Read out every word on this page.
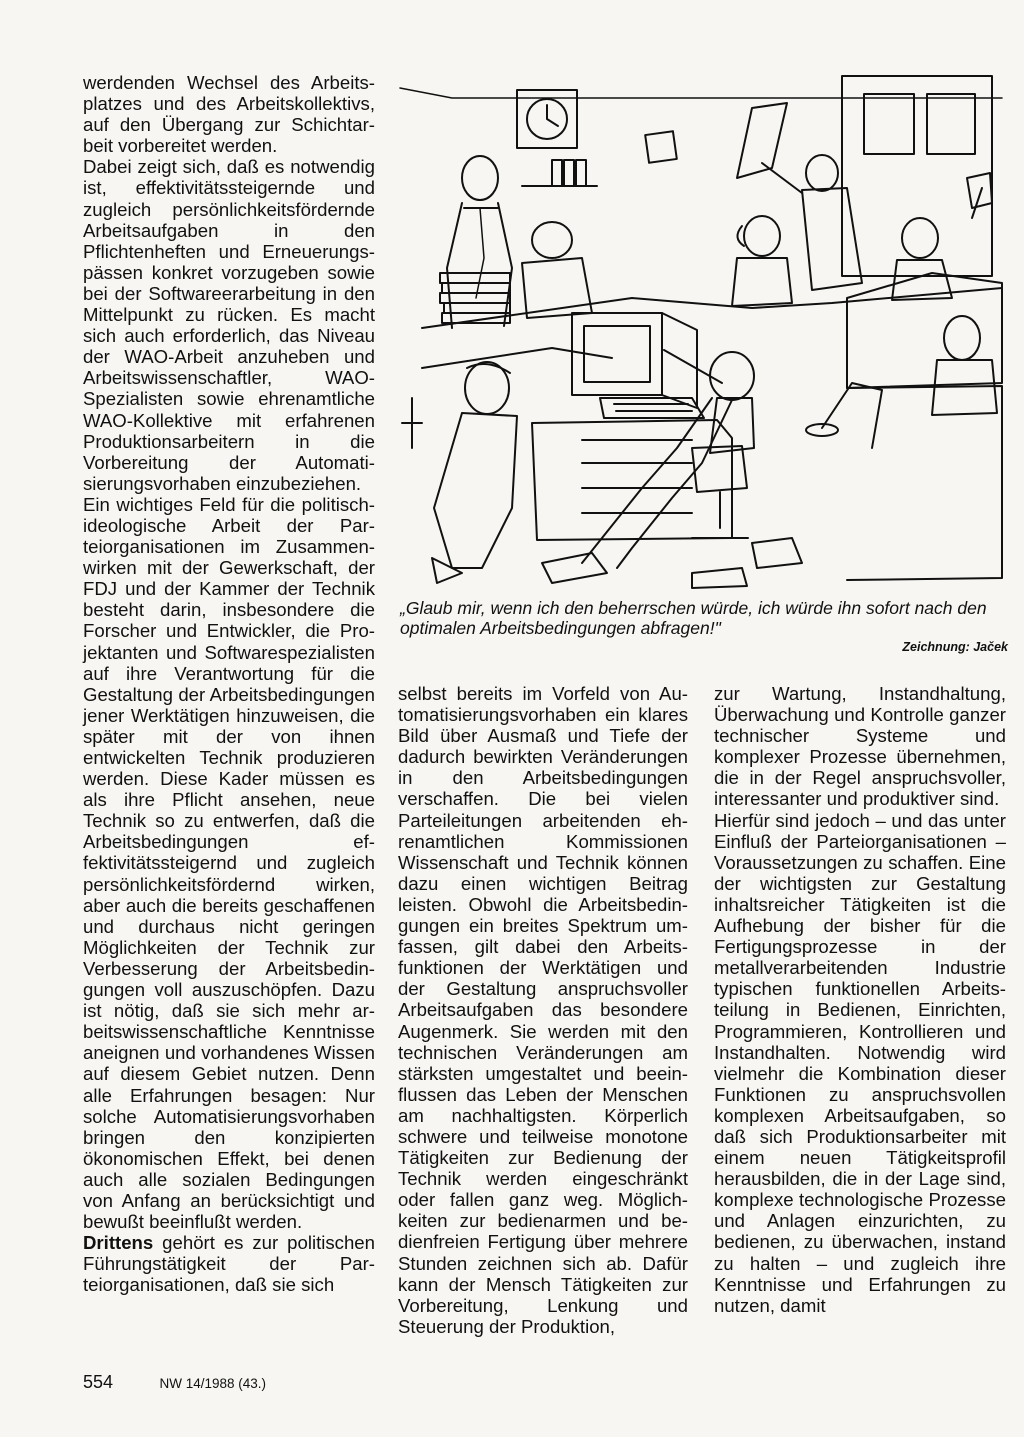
werdenden Wechsel des Arbeitsplatzes und des Arbeitskollektivs, auf den Übergang zur Schichtarbeit vorbereitet werden.

Dabei zeigt sich, daß es notwendig ist, effektivitätssteigernde und zugleich persönlichkeitsfördernde Arbeitsaufgaben in den Pflichtenheften und Erneuerungspässen konkret vorzugeben sowie bei der Softwareerarbeitung in den Mittelpunkt zu rücken. Es macht sich auch erforderlich, das Niveau der WAO-Arbeit anzuheben und Arbeitswissenschaftler, WAO-Spezialisten sowie ehrenamtliche WAO-Kollektive mit erfahrenen Produktionsarbeitern in die Vorbereitung der Automatisierungsvorhaben einzubeziehen.

Ein wichtiges Feld für die politisch-ideologische Arbeit der Parteiorganisationen im Zusammenwirken mit der Gewerkschaft, der FDJ und der Kammer der Technik besteht darin, insbesondere die Forscher und Entwickler, die Projektanten und Softwarespezialisten auf ihre Verantwortung für die Gestaltung der Arbeitsbedingungen jener Werktätigen hinzuweisen, die später mit der von ihnen entwickelten Technik produzieren werden. Diese Kader müssen es als ihre Pflicht ansehen, neue Technik so zu entwerfen, daß die Arbeitsbedingungen effektivitätssteigernd und zugleich persönlichkeitsfördernd wirken, aber auch die bereits geschaffenen und durchaus nicht geringen Möglichkeiten der Technik zur Verbesserung der Arbeitsbedingungen voll auszuschöpfen. Dazu ist nötig, daß sie sich mehr arbeitswissenschaftliche Kenntnisse aneignen und vorhandenes Wissen auf diesem Gebiet nutzen. Denn alle Erfahrungen besagen: Nur solche Automatisierungsvorhaben bringen den konzipierten ökonomischen Effekt, bei denen auch alle sozialen Bedingungen von Anfang an berücksichtigt und bewußt beeinflußt werden.

Drittens gehört es zur politischen Führungstätigkeit der Parteiorganisationen, daß sie sich

„Glaub mir, wenn ich den beherrschen würde, ich würde ihn sofort nach den optimalen Arbeitsbedingungen abfragen!"
Zeichnung: Jaček

selbst bereits im Vorfeld von Automatisierungsvorhaben ein klares Bild über Ausmaß und Tiefe der dadurch bewirkten Veränderungen in den Arbeitsbedingungen verschaffen. Die bei vielen Parteileitungen arbeitenden ehrenamtlichen Kommissionen Wissenschaft und Technik können dazu einen wichtigen Beitrag leisten. Obwohl die Arbeitsbedingungen ein breites Spektrum umfassen, gilt dabei den Arbeitsfunktionen der Werktätigen und der Gestaltung anspruchsvoller Arbeitsaufgaben das besondere Augenmerk. Sie werden mit den technischen Veränderungen am stärksten umgestaltet und beeinflussen das Leben der Menschen am nachhaltigsten. Körperlich schwere und teilweise monotone Tätigkeiten zur Bedienung der Technik werden eingeschränkt oder fallen ganz weg. Möglichkeiten zur bedienarmen und bedienfreien Fertigung über mehrere Stunden zeichnen sich ab. Dafür kann der Mensch Tätigkeiten zur Vorbereitung, Lenkung und Steuerung der Produktion,

zur Wartung, Instandhaltung, Überwachung und Kontrolle ganzer technischer Systeme und komplexer Prozesse übernehmen, die in der Regel anspruchsvoller, interessanter und produktiver sind.

Hierfür sind jedoch – und das unter Einfluß der Parteiorganisationen – Voraussetzungen zu schaffen. Eine der wichtigsten zur Gestaltung inhaltsreicher Tätigkeiten ist die Aufhebung der bisher für die Fertigungsprozesse in der metallverarbeitenden Industrie typischen funktionellen Arbeitsteilung in Bedienen, Einrichten, Programmieren, Kontrollieren und Instandhalten. Notwendig wird vielmehr die Kombination dieser Funktionen zu anspruchsvollen komplexen Arbeitsaufgaben, so daß sich Produktionsarbeiter mit einem neuen Tätigkeitsprofil herausbilden, die in der Lage sind, komplexe technologische Prozesse und Anlagen einzurichten, zu bedienen, zu überwachen, instand zu halten – und zugleich ihre Kenntnisse und Erfahrungen zu nutzen, damit

554	NW 14/1988 (43.)
